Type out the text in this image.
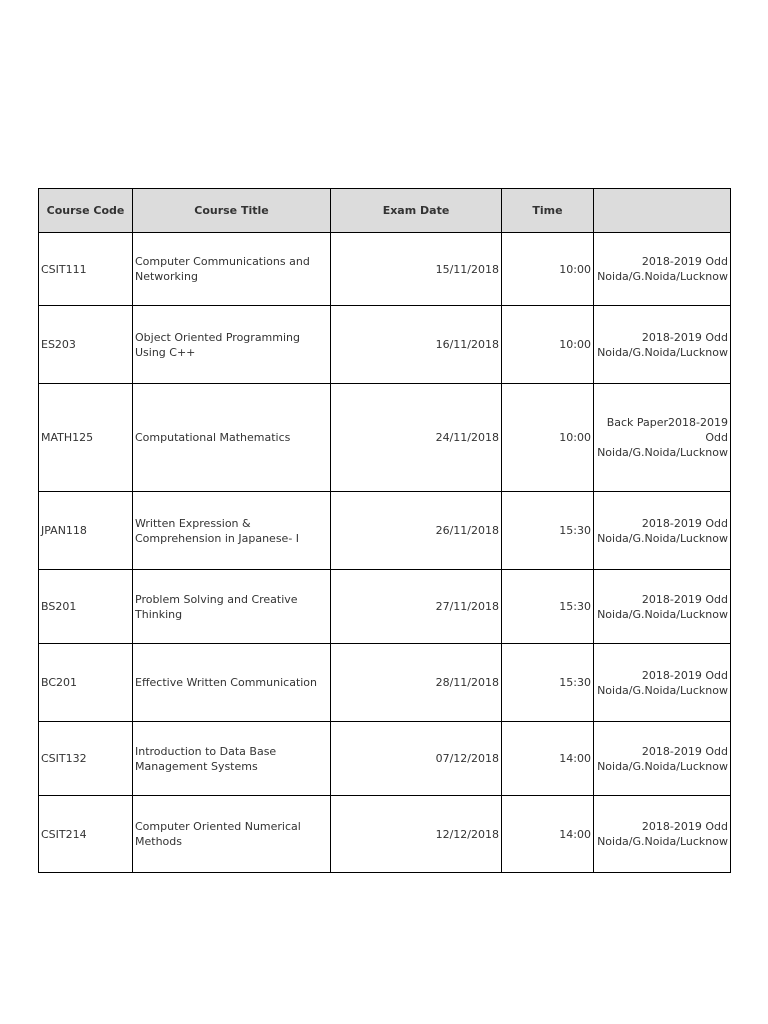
Course Code	Course Title	Exam Date	Time	
CSIT111	Computer Communications and Networking	15/11/2018	10:00	2018-2019 Odd
Noida/G.Noida/Lucknow

ES203	Object Oriented Programming Using C++	16/11/2018	10:00	2018-2019 Odd
Noida/G.Noida/Lucknow

MATH125	Computational Mathematics	24/11/2018	10:00	Back Paper2018-2019 Odd
Noida/G.Noida/Lucknow

JPAN118	Written Expression & Comprehension in Japanese- I	26/11/2018	15:30	2018-2019 Odd
Noida/G.Noida/Lucknow

BS201	Problem Solving and Creative Thinking	27/11/2018	15:30	2018-2019 Odd
Noida/G.Noida/Lucknow

BC201	Effective Written Communication	28/11/2018	15:30	2018-2019 Odd
Noida/G.Noida/Lucknow

CSIT132	Introduction to Data Base Management Systems	07/12/2018	14:00	2018-2019 Odd
Noida/G.Noida/Lucknow

CSIT214	Computer Oriented Numerical Methods	12/12/2018	14:00	2018-2019 Odd
Noida/G.Noida/Lucknow
